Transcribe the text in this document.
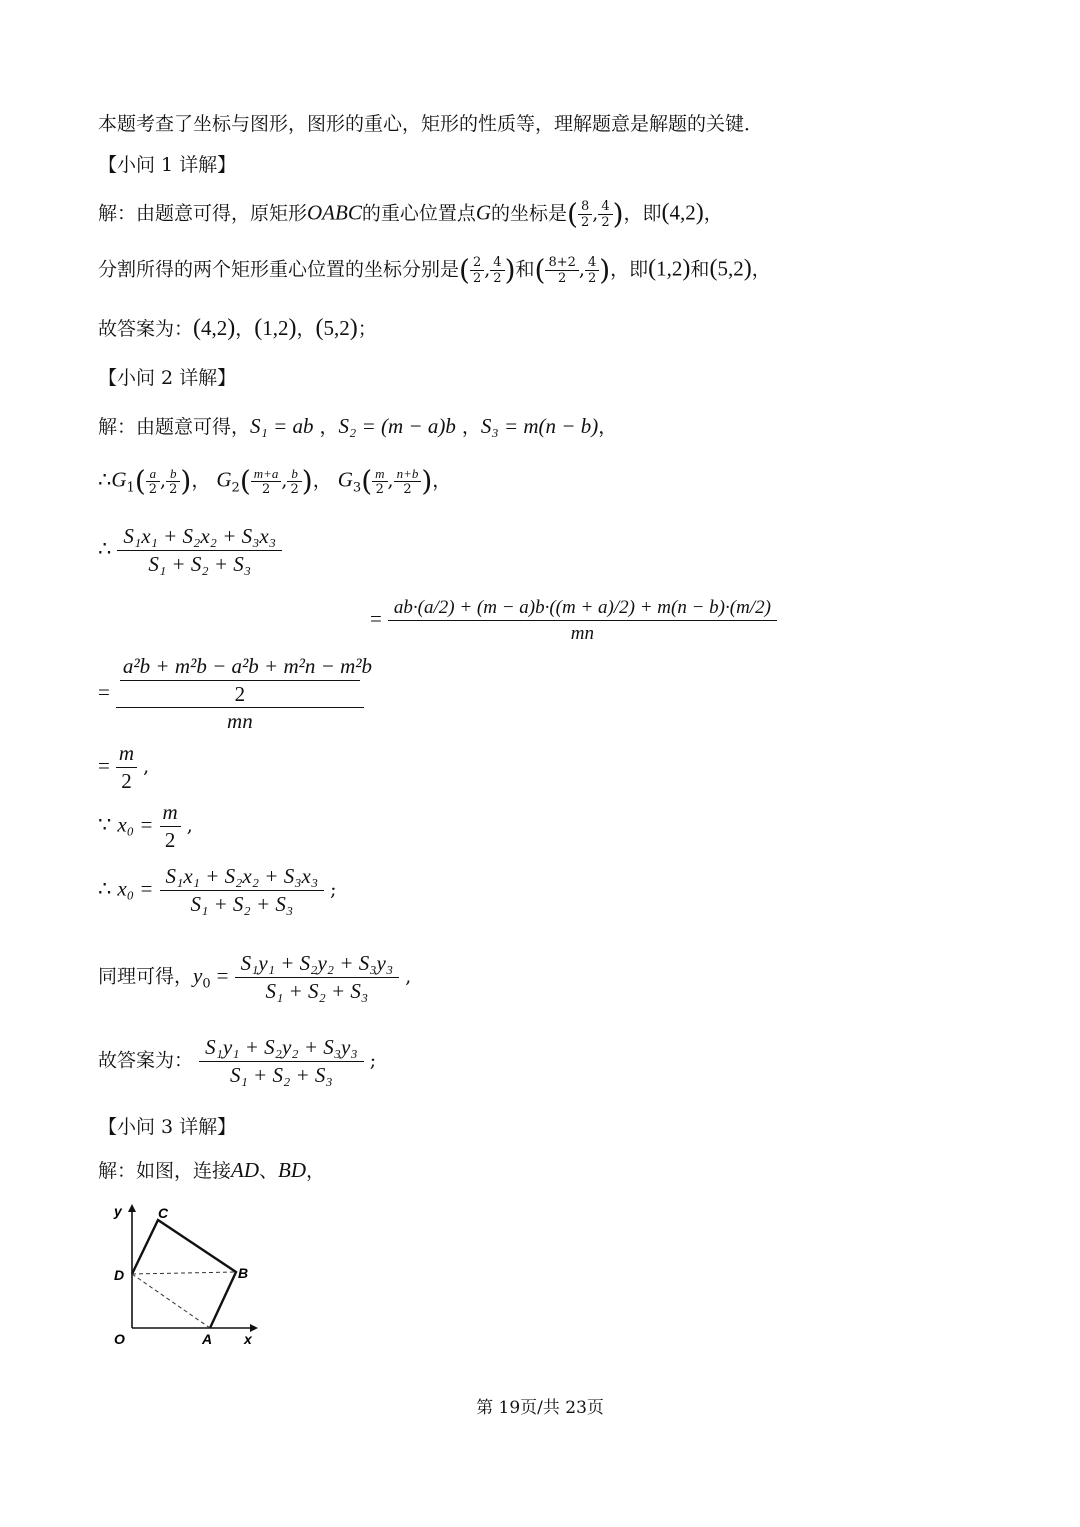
本题考查了坐标与图形，图形的重心，矩形的性质等，理解题意是解题的关键．
【小问 1 详解】
解：由题意可得，原矩形OABC的重心位置点G的坐标是( $\frac{8}{2}$ , $\frac{4}{2}$ )，即(4,2)，
分割所得的两个矩形重心位置的坐标分别是( $\frac{2}{2}$ , $\frac{4}{2}$ )和( $\frac{8+2}{2}$ , $\frac{4}{2}$ )，即(1,2)和(5,2)，
故答案为：(4,2)，(1,2)，(5,2)；
【小问 2 详解】
解：由题意可得，S₁ = ab ，S₂ = (m − a)b ，S₃ = m(n − b)，
$\therefore G_1( \frac{a}{2}$ , $\frac{b}{2}$ )， $G_2( \frac{m+a}{2}$ , $\frac{b}{2}$ )， $G_3( \frac{m}{2}$ , $\frac{n+b}{2}$ )，
∴ $\frac{\text{S₁x₁ + S₂x₂ + S₃x₃}}{\text{S₁ + S₂ + S₃}}$
= $\frac{ab\cdot(a/2) + (m - a)b\cdot((m + a)/2) + m(n - b)\cdot(m/2)}{mn}$
= $\frac{\frac{\text{a²b + m²b − a²b + m²n − m²b}}{2}}{mn}$
= $\frac{m}{2}$ ,
∵ $x_0 = \frac{m}{2}$ ,
∴ $x_0 = \frac{\text{S₁x₁ + S₂x₂ + S₃x₃}}{\text{S₁ + S₂ + S₃}}$ ;
同理可得，$y_0 = \frac{\text{S₁y₁ + S₂y₂ + S₃y₃}}{\text{S₁ + S₂ + S₃}}$ ,
故答案为： $\frac{\text{S₁y₁ + S₂y₂ + S₃y₃}}{\text{S₁ + S₂ + S₃}}$ ;
【小问 3 详解】
解：如图，连接AD、BD，
y
x
O	A
B
C
D
第 19页/共 23页
